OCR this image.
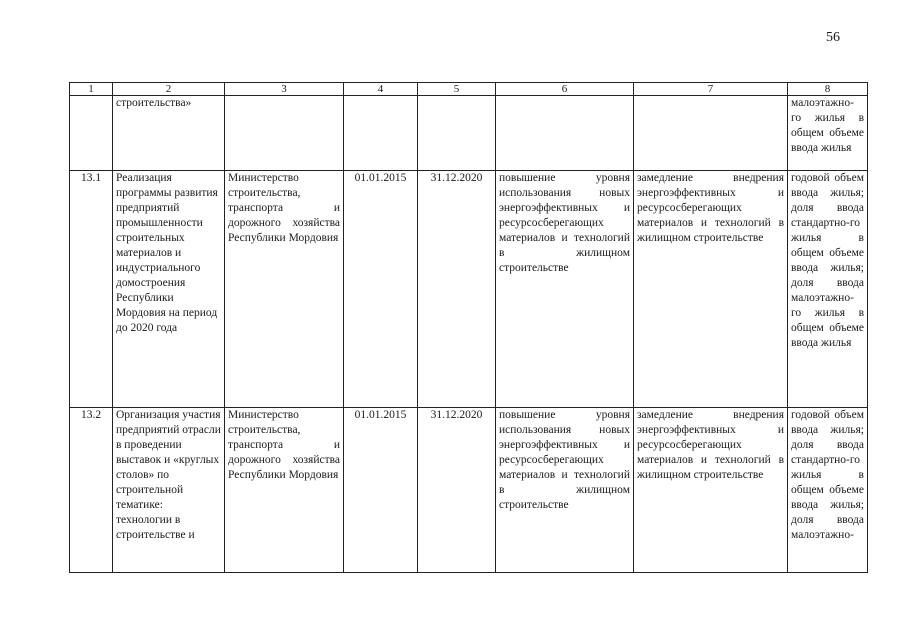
56
1	2	3	4	5	6	7	8
	строительства»						малоэтажно-го жилья в общем объеме ввода жилья
13.1	Реализация программы развития предприятий промышленности строительных материалов и индустриального домостроения Республики Мордовия на период до 2020 года	Министерство строительства, транспорта и дорожного хозяйства Республики Мордовия	01.01.2015	31.12.2020	повышение уровня использования новых энергоэффективных и ресурсосберегающих материалов и технологий в жилищном строительстве	замедление внедрения энергоэффективных и ресурсосберегающих материалов и технологий в жилищном строительстве	годовой объем ввода жилья; доля ввода стандартно-го жилья в общем объеме ввода жилья; доля ввода малоэтажно-го жилья в общем объеме ввода жилья
13.2	Организация участия предприятий отрасли в проведении выставок и «круглых столов» по строительной тематике: технологии в строительстве и	Министерство строительства, транспорта и дорожного хозяйства Республики Мордовия	01.01.2015	31.12.2020	повышение уровня использования новых энергоэффективных и ресурсосберегающих материалов и технологий в жилищном строительстве	замедление внедрения энергоэффективных и ресурсосберегающих материалов и технологий в жилищном строительстве	годовой объем ввода жилья; доля ввода стандартно-го жилья в общем объеме ввода жилья; доля ввода малоэтажно-
